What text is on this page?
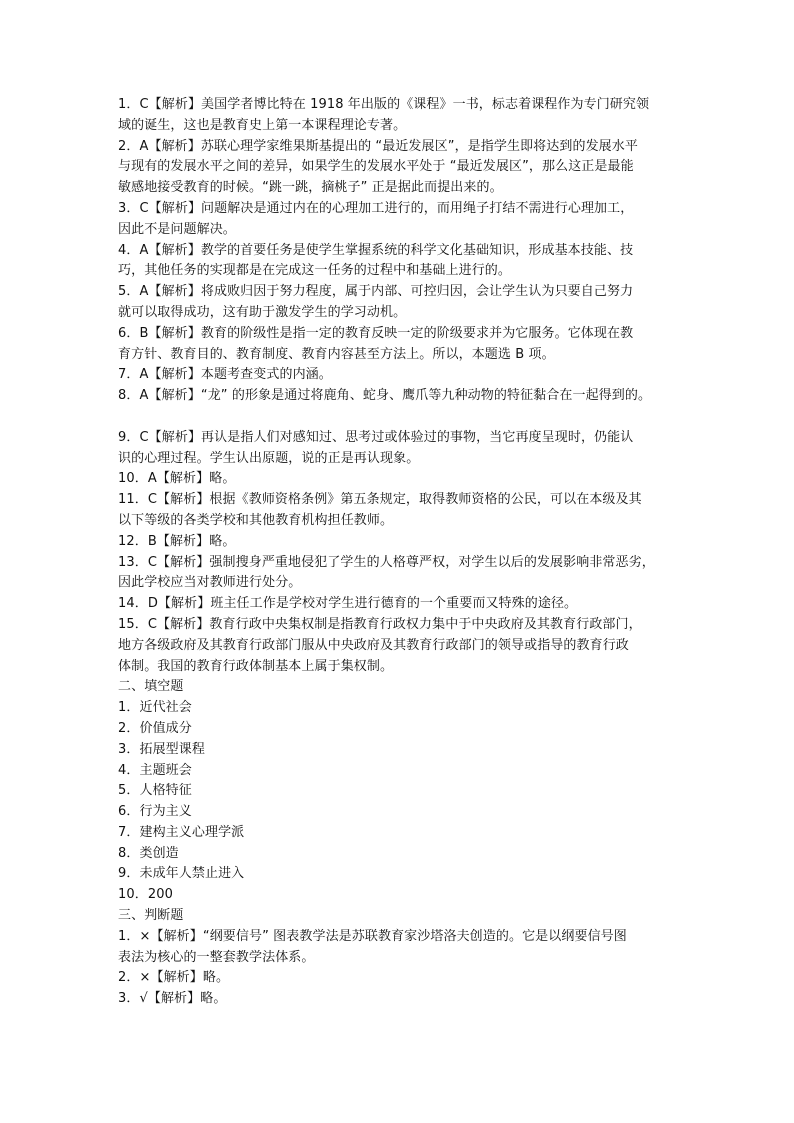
1．C【解析】美国学者博比特在 1918 年出版的《课程》一书，标志着课程作为专门研究领
域的诞生，这也是教育史上第一本课程理论专著。
2．A【解析】苏联心理学家维果斯基提出的 “最近发展区”，是指学生即将达到的发展水平
与现有的发展水平之间的差异，如果学生的发展水平处于 “最近发展区”，那么这正是最能
敏感地接受教育的时候。“跳一跳，摘桃子” 正是据此而提出来的。
3．C【解析】问题解决是通过内在的心理加工进行的，而用绳子打结不需进行心理加工，
因此不是问题解决。
4．A【解析】教学的首要任务是使学生掌握系统的科学文化基础知识，形成基本技能、技
巧，其他任务的实现都是在完成这一任务的过程中和基础上进行的。
5．A【解析】将成败归因于努力程度，属于内部、可控归因，会让学生认为只要自己努力
就可以取得成功，这有助于激发学生的学习动机。
6．B【解析】教育的阶级性是指一定的教育反映一定的阶级要求并为它服务。它体现在教
育方针、教育目的、教育制度、教育内容甚至方法上。所以，本题选 B 项。
7．A【解析】本题考查变式的内涵。
8．A【解析】“龙” 的形象是通过将鹿角、蛇身、鹰爪等九种动物的特征黏合在一起得到的。
9．C【解析】再认是指人们对感知过、思考过或体验过的事物，当它再度呈现时，仍能认
识的心理过程。学生认出原题，说的正是再认现象。
10．A【解析】略。
11．C【解析】根据《教师资格条例》第五条规定，取得教师资格的公民，可以在本级及其
以下等级的各类学校和其他教育机构担任教师。
12．B【解析】略。
13．C【解析】强制搜身严重地侵犯了学生的人格尊严权，对学生以后的发展影响非常恶劣，
因此学校应当对教师进行处分。
14．D【解析】班主任工作是学校对学生进行德育的一个重要而又特殊的途径。
15．C【解析】教育行政中央集权制是指教育行政权力集中于中央政府及其教育行政部门，
地方各级政府及其教育行政部门服从中央政府及其教育行政部门的领导或指导的教育行政
体制。我国的教育行政体制基本上属于集权制。
二、填空题
1．近代社会
2．价值成分
3．拓展型课程
4．主题班会
5．人格特征
6．行为主义
7．建构主义心理学派
8．类创造
9．未成年人禁止进入
10．200
三、判断题
1．×【解析】“纲要信号” 图表教学法是苏联教育家沙塔洛夫创造的。它是以纲要信号图
表法为核心的一整套教学法体系。
2．×【解析】略。
3．√【解析】略。
